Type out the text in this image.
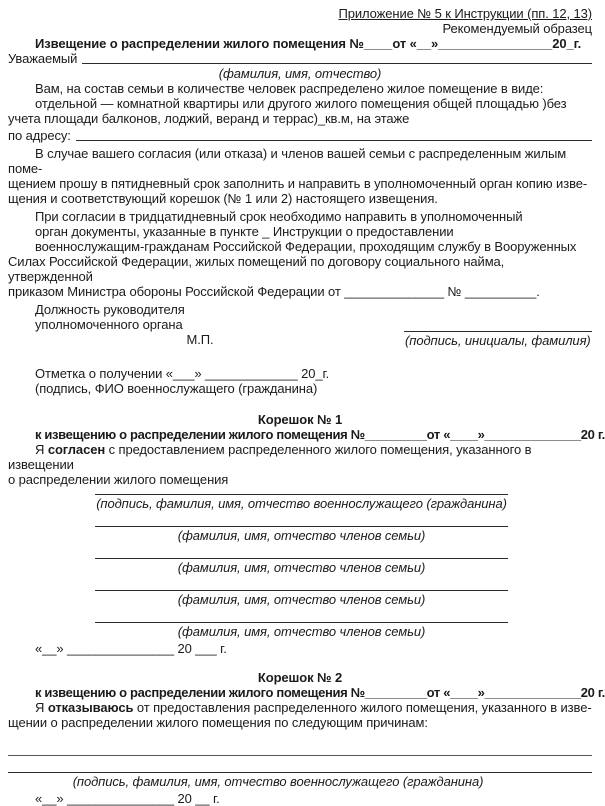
Приложение № 5 к Инструкции (пп. 12, 13)
Рекомендуемый образец
Извещение о распределении жилого помещения №____от «__»________________20_г.
Уважаемый
(фамилия, имя, отчество)
Вам, на состав семьи в количестве человек распределено жилое помещение в виде:
отдельной — комнатной квартиры или другого жилого помещения общей площадью )без
учета площади балконов, лоджий, веранд и террас)_кв.м, на этаже
по адресу:
В случае вашего согласия (или отказа) и членов вашей семьи с распределенным жилым поме-
щением прошу в пятидневный срок заполнить и направить в уполномоченный орган копию изве-
щения и соответствующий корешок (№ 1 или 2) настоящего извещения.
При согласии в тридцатидневный срок необходимо направить в уполномоченный
орган документы, указанные в пункте _ Инструкции о предоставлении
военнослужащим-гражданам Российской Федерации, проходящим службу в Вооруженных
Силах Российской Федерации, жилых помещений по договору социального найма, утвержденной
приказом Министра обороны Российской Федерации от ______________ № __________.
Должность руководителя
уполномоченного органа
М.П.	(подпись, инициалы, фамилия)
Отметка о получении «___» _____________ 20_г.
(подпись, ФИО военнослужащего (гражданина)
Корешок № 1
к извещению о распределении жилого помещения №_________от «____»______________20 г.
Я согласен с предоставлением распределенного жилого помещения, указанного в извещении
о распределении жилого помещения
(подпись, фамилия, имя, отчество военнослужащего (гражданина)
(фамилия, имя, отчество членов семьи)
(фамилия, имя, отчество членов семьи)
(фамилия, имя, отчество членов семьи)
(фамилия, имя, отчество членов семьи)
«__» _______________ 20 ___ г.
Корешок № 2
к извещению о распределении жилого помещения №_________от «____»______________20 г.
Я отказываюсь от предоставления распределенного жилого помещения, указанного в изве-
щении о распределении жилого помещения по следующим причинам:
(подпись, фамилия, имя, отчество военнослужащего (гражданина)
«__» _______________ 20 __ г.
